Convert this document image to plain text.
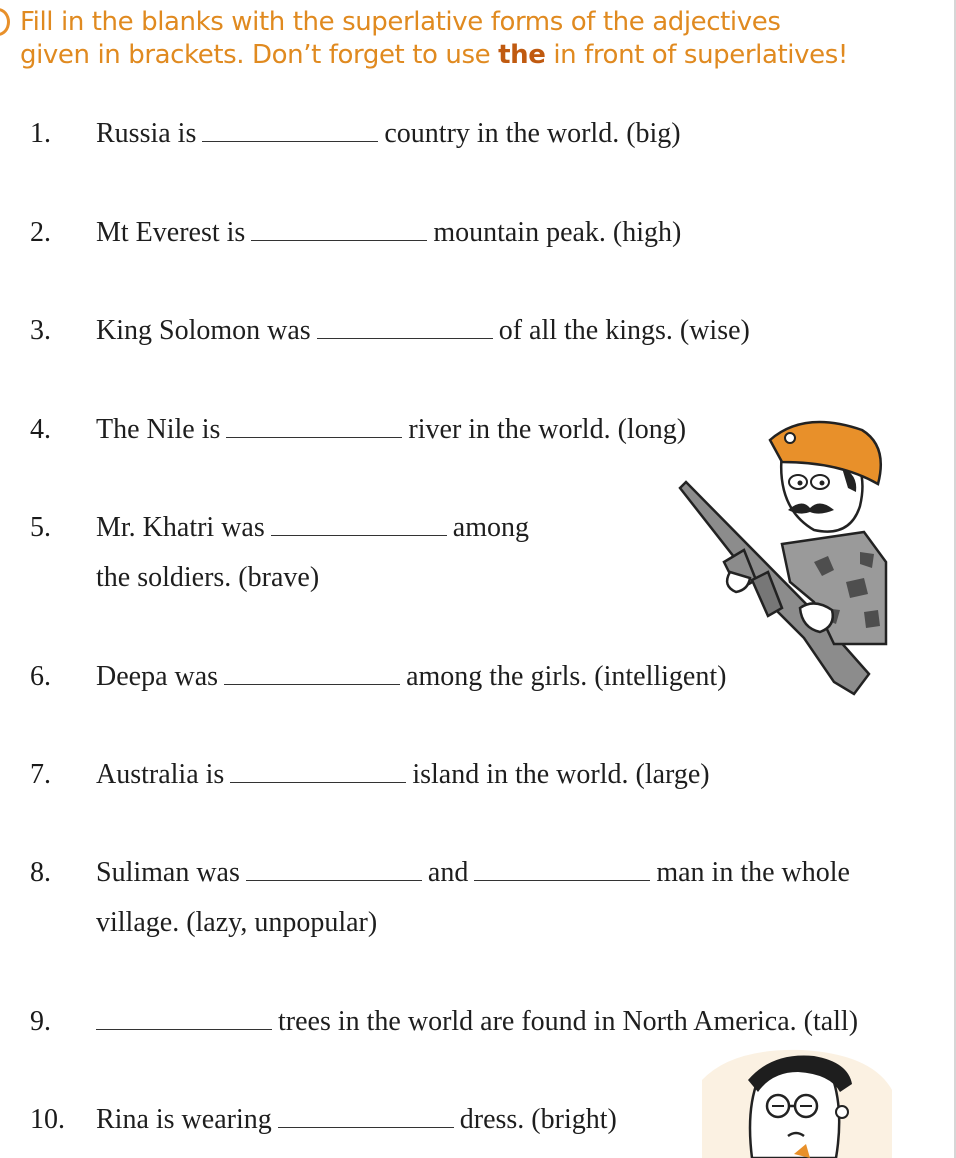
Fill in the blanks with the superlative forms of the adjectives
given in brackets. Don’t forget to use the in front of superlatives!
1. Russia is	country in the world. (big)
2. Mt Everest is	mountain peak. (high)
3. King Solomon was	of all the kings. (wise)
4. The Nile is	river in the world. (long)
5. Mr. Khatri was	among
the soldiers. (brave)
6. Deepa was	among the girls. (intelligent)
7. Australia is	island in the world. (large)
8. Suliman was	and	man in the whole
village. (lazy, unpopular)
9.	trees in the world are found in North America. (tall)
10. Rina is wearing	dress. (bright)
